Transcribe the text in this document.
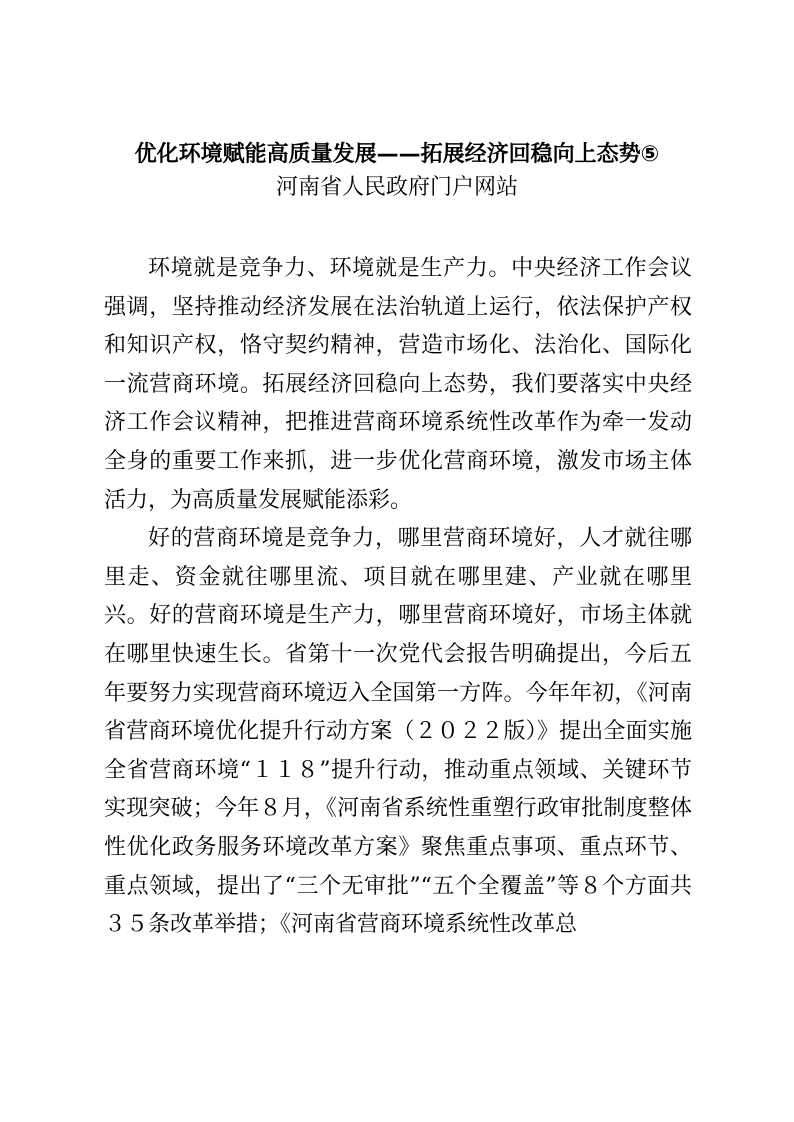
优化环境赋能高质量发展——拓展经济回稳向上态势⑤
河南省人民政府门户网站

环境就是竞争力、环境就是生产力。中央经济工作会议强调，坚持推动经济发展在法治轨道上运行，依法保护产权和知识产权，恪守契约精神，营造市场化、法治化、国际化一流营商环境。拓展经济回稳向上态势，我们要落实中央经济工作会议精神，把推进营商环境系统性改革作为牵一发动全身的重要工作来抓，进一步优化营商环境，激发市场主体活力，为高质量发展赋能添彩。

好的营商环境是竞争力，哪里营商环境好，人才就往哪里走、资金就往哪里流、项目就在哪里建、产业就在哪里兴。好的营商环境是生产力，哪里营商环境好，市场主体就在哪里快速生长。省第十一次党代会报告明确提出，今后五年要努力实现营商环境迈入全国第一方阵。今年年初，《河南省营商环境优化提升行动方案（２０２２版）》提出全面实施全省营商环境“１１８”提升行动，推动重点领域、关键环节实现突破；今年８月，《河南省系统性重塑行政审批制度整体性优化政务服务环境改革方案》聚焦重点事项、重点环节、重点领域，提出了“三个无审批”“五个全覆盖”等８个方面共３５条改革举措；《河南省营商环境系统性改革总
